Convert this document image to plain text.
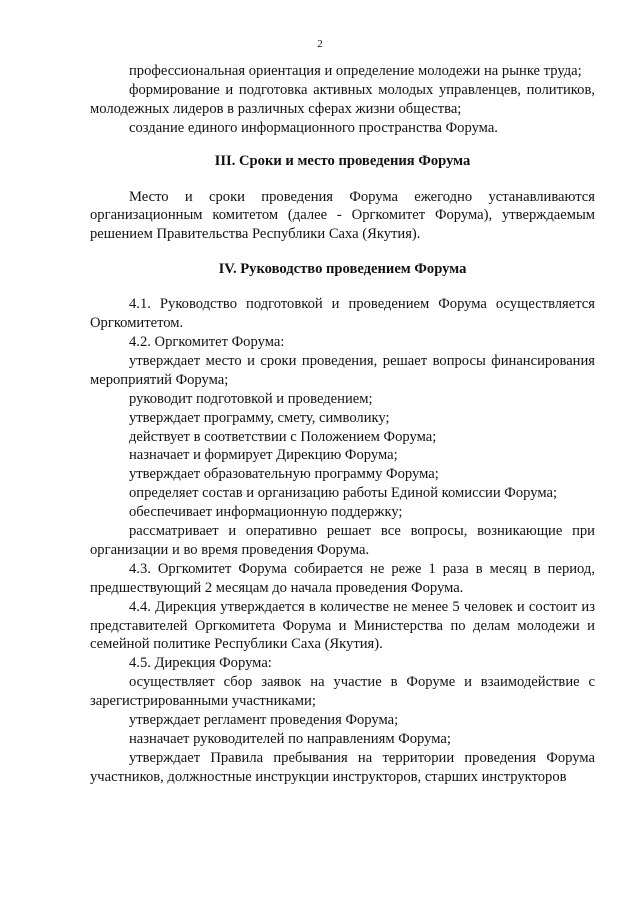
2

профессиональная ориентация и определение молодежи на рынке труда;

формирование и подготовка активных молодых управленцев, политиков, молодежных лидеров в различных сферах жизни общества;

создание единого информационного пространства Форума.

III. Сроки и место проведения Форума

Место и сроки проведения Форума ежегодно устанавливаются организационным комитетом (далее - Оргкомитет Форума), утверждаемым решением Правительства Республики Саха (Якутия).

IV. Руководство проведением Форума

4.1. Руководство подготовкой и проведением Форума осуществляется Оргкомитетом.

4.2. Оргкомитет Форума:

утверждает место и сроки проведения, решает вопросы финансирования мероприятий Форума;

руководит подготовкой и проведением;

утверждает программу, смету, символику;

действует в соответствии с Положением Форума;

назначает и формирует Дирекцию Форума;

утверждает образовательную программу Форума;

определяет состав и организацию работы Единой комиссии Форума;

обеспечивает информационную поддержку;

рассматривает и оперативно решает все вопросы, возникающие при организации и во время проведения Форума.

4.3. Оргкомитет Форума собирается не реже 1 раза в месяц в период, предшествующий 2 месяцам до начала проведения Форума.

4.4. Дирекция утверждается в количестве не менее 5 человек и состоит из представителей Оргкомитета Форума и Министерства по делам молодежи и семейной политике Республики Саха (Якутия).

4.5. Дирекция Форума:

осуществляет сбор заявок на участие в Форуме и взаимодействие с зарегистрированными участниками;

утверждает регламент проведения Форума;

назначает руководителей по направлениям Форума;

утверждает Правила пребывания на территории проведения Форума участников, должностные инструкции инструкторов, старших инструкторов
